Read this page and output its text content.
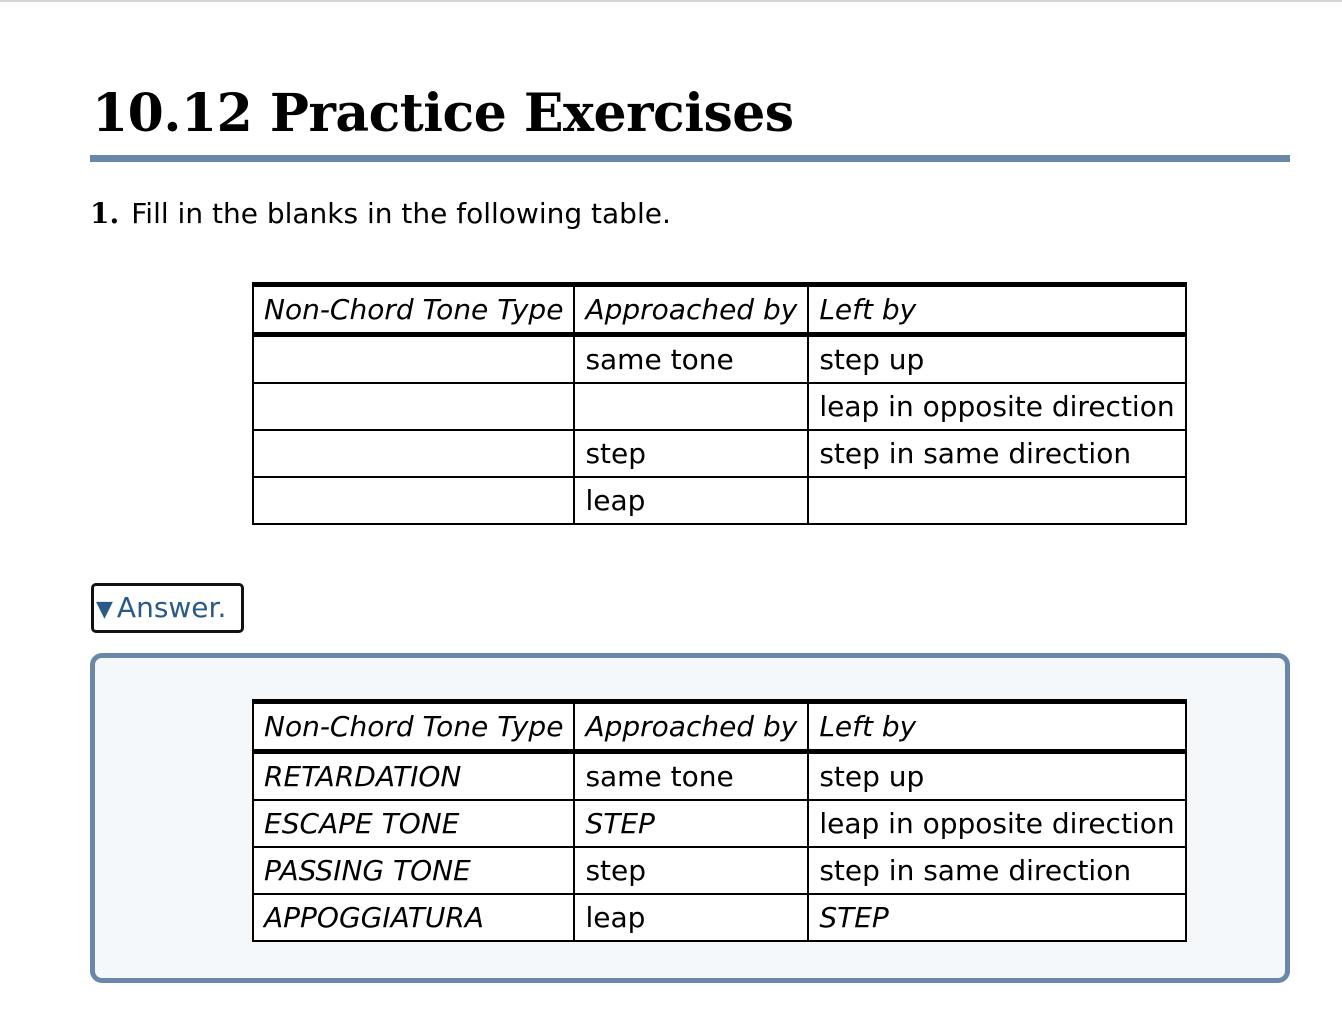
10.12 Practice Exercises
1. Fill in the blanks in the following table.
Non-Chord Tone Type	Approached by	Left by
	same tone	step up
		leap in opposite direction
	step	step in same direction
	leap	
▼ Answer.
Non-Chord Tone Type	Approached by	Left by
RETARDATION	same tone	step up
ESCAPE TONE	STEP	leap in opposite direction
PASSING TONE	step	step in same direction
APPOGGIATURA	leap	STEP
